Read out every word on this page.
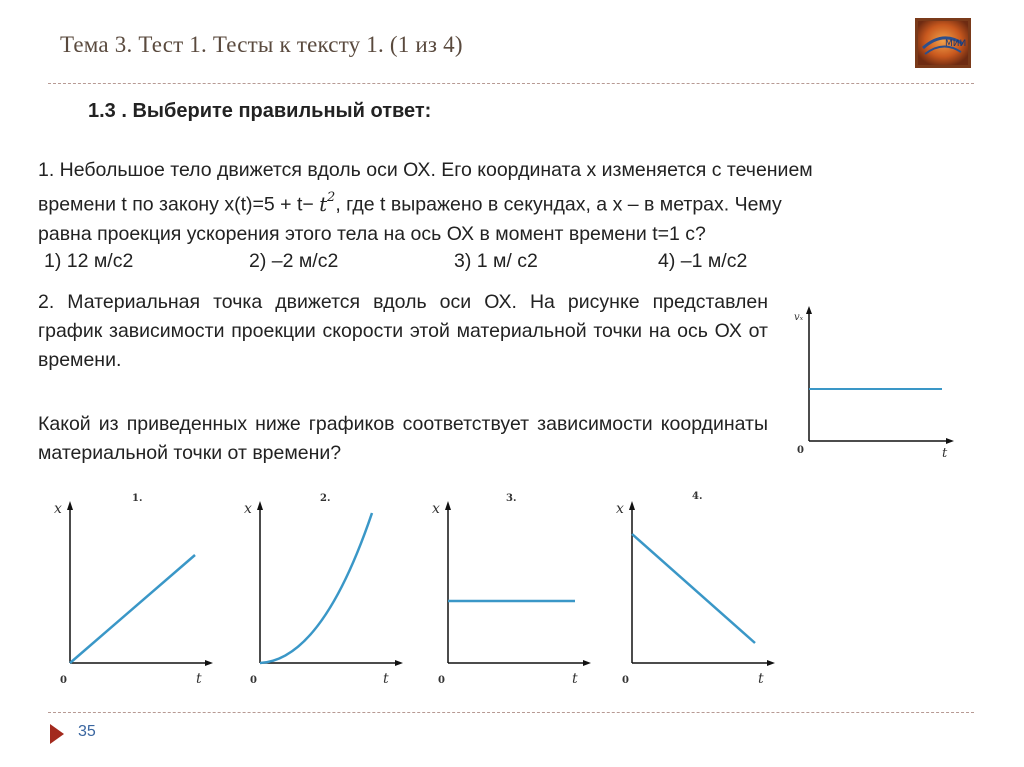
Тема 3. Тест 1. Тесты к тексту 1. (1 из 4)	МИИ
1.3 . Выберите правильный ответ:
1. Небольшое тело движется вдоль оси ОХ. Его координата х изменяется с течением
времени t по закону $x(t)=5 + t- t^2$, где t выражено в секундах, а х – в метрах. Чему
равна проекция ускорения этого тела на ось ОХ в момент времени t=1 с?
1) 12 м/с2	2) –2 м/с2	3) 1 м/ с2	4) –1 м/с2
2. Материальная точка движется вдоль оси ОХ. На рисунке представлен график зависимости проекции скорости этой материальной точки на ось ОХ от времени.
Какой из приведенных ниже графиков соответствует зависимости координаты материальной точки от времени?
vₓ
t
0
x
1.
t
0
x
2.
t
0
x
3.
t
0
x
4.
t
0
35
